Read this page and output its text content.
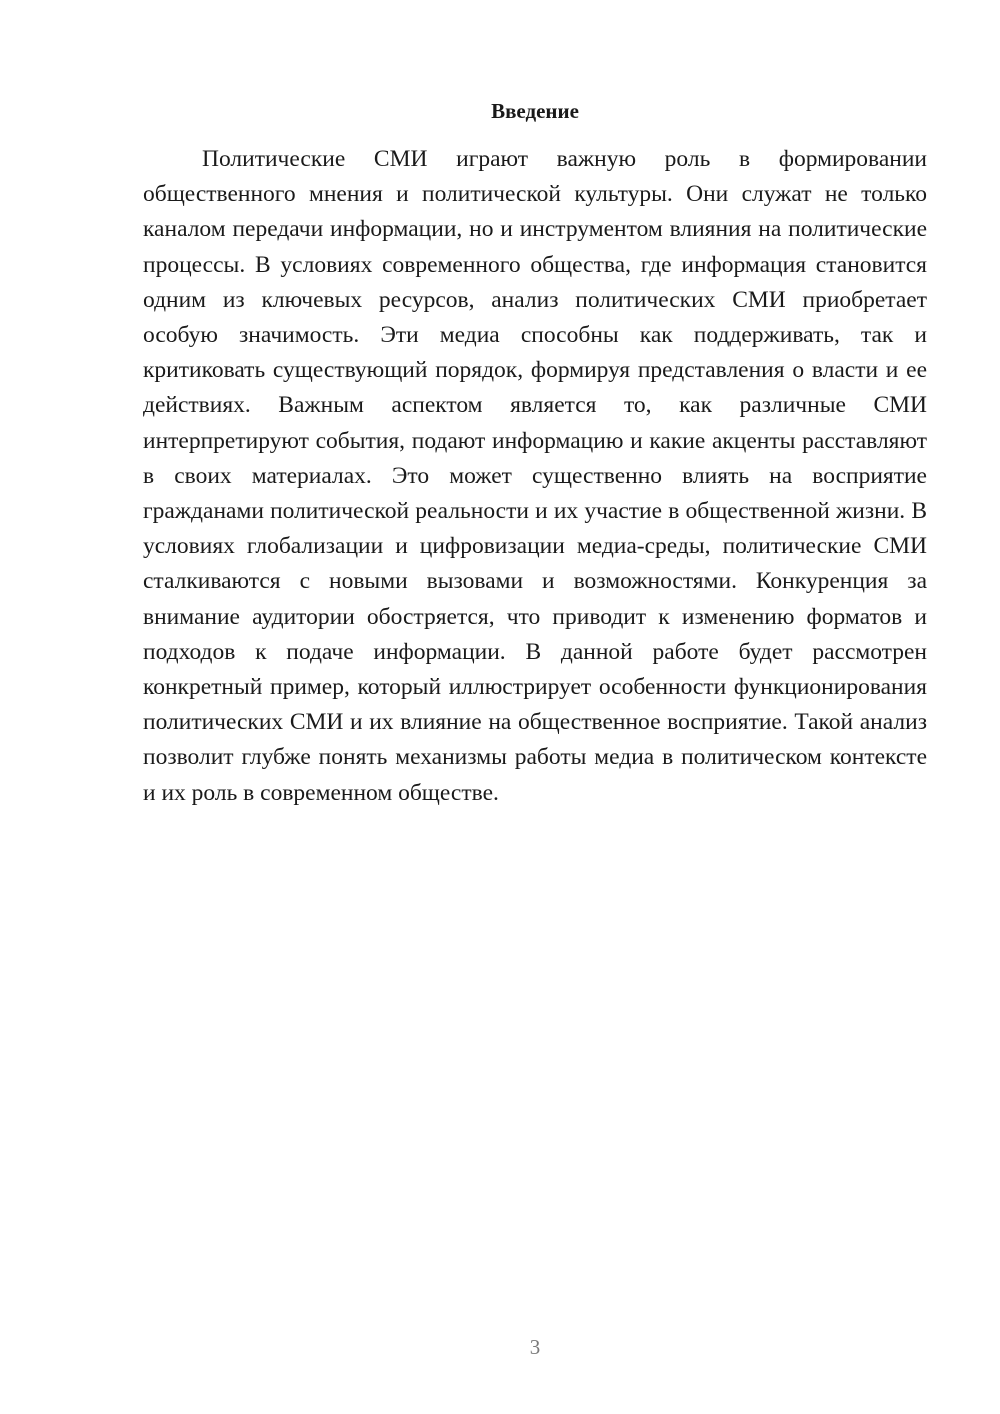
Введение

Политические СМИ играют важную роль в формировании общественного мнения и политической культуры. Они служат не только каналом передачи информации, но и инструментом влияния на политические процессы. В условиях современного общества, где информация становится одним из ключевых ресурсов, анализ политических СМИ приобретает особую значимость. Эти медиа способны как поддерживать, так и критиковать существующий порядок, формируя представления о власти и ее действиях. Важным аспектом является то, как различные СМИ интерпретируют события, подают информацию и какие акценты расставляют в своих материалах. Это может существенно влиять на восприятие гражданами политической реальности и их участие в общественной жизни. В условиях глобализации и цифровизации медиа-среды, политические СМИ сталкиваются с новыми вызовами и возможностями. Конкуренция за внимание аудитории обостряется, что приводит к изменению форматов и подходов к подаче информации. В данной работе будет рассмотрен конкретный пример, который иллюстрирует особенности функционирования политических СМИ и их влияние на общественное восприятие. Такой анализ позволит глубже понять механизмы работы медиа в политическом контексте и их роль в современном обществе.

3
